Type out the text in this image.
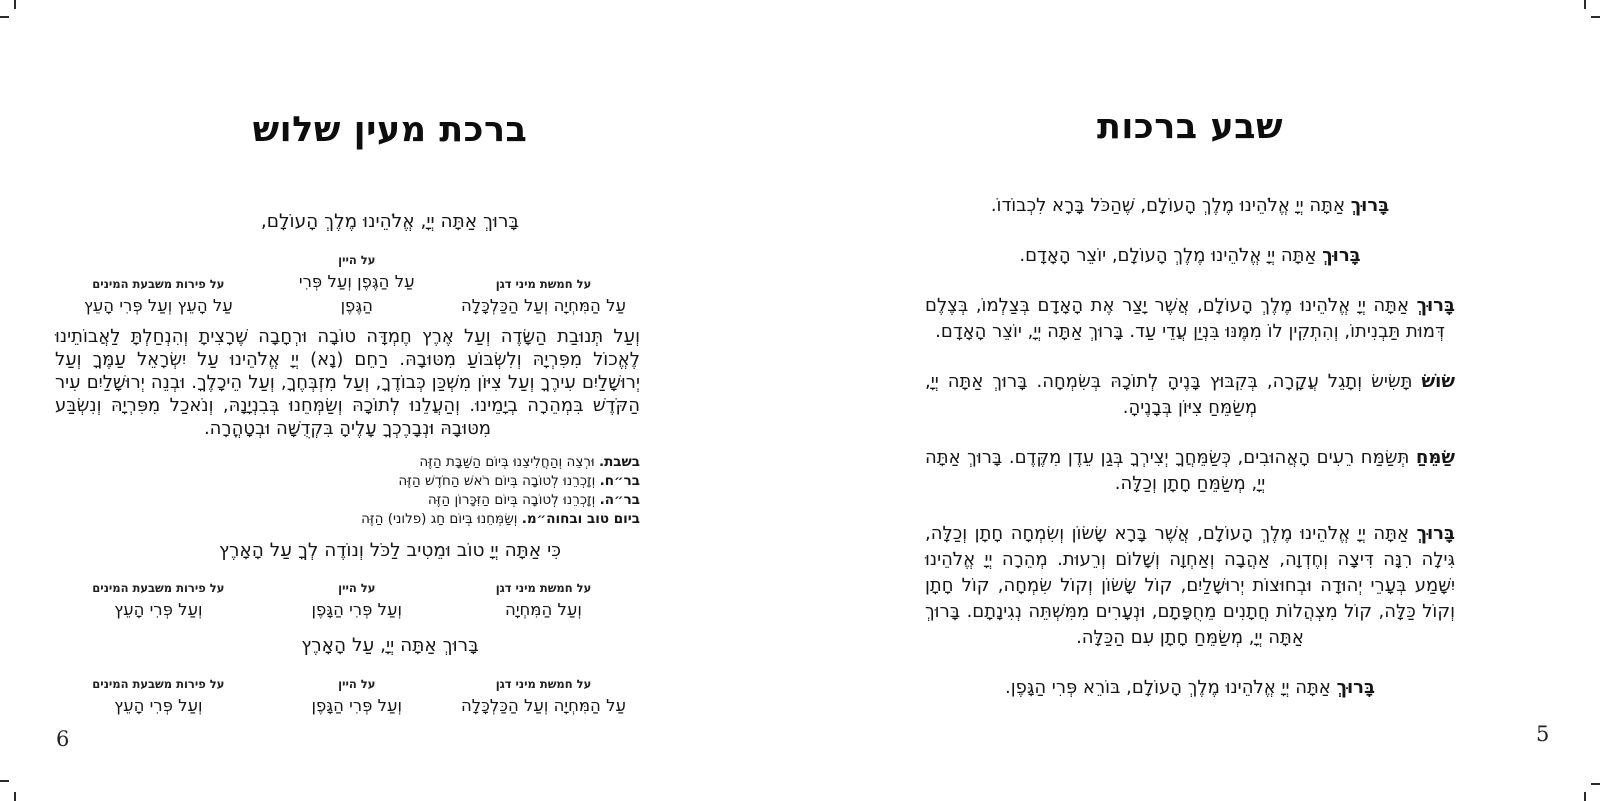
ברכת מעין שלוש

בָּרוּךְ אַתָּה יְיָ, אֱלֹהֵינוּ מֶלֶךְ הָעוֹלָם,

על חמשת מיני דגן
עַל הַמִּחְיָה וְעַל הַכַּלְכָּלָה
על היין
עַל הַגֶּפֶן וְעַל פְּרִי הַגֶּפֶן
על פירות משבעת המינים
עַל הָעֵץ וְעַל פְּרִי הָעֵץ

וְעַל תְּנוּבַת הַשָּׂדֶה וְעַל אֶרֶץ חֶמְדָּה טוֹבָה וּרְחָבָה שֶׁרָצִיתָ וְהִנְחַלְתָּ לַאֲבוֹתֵינוּ לֶאֱכוֹל מִפִּרְיָהּ וְלִשְׂבּוֹעַ מִטּוּבָהּ. רַחֵם (נָא) יְיָ אֱלֹהֵינוּ עַל יִשְׂרָאֵל עַמֶּךָ וְעַל יְרוּשָׁלַיִם עִירֶךָ וְעַל צִיּוֹן מִשְׁכַּן כְּבוֹדֶךָ, וְעַל מִזְבְּחֶךָ, וְעַל הֵיכָלֶךָ. וּבְנֵה יְרוּשָׁלַיִם עִיר הַקֹּדֶשׁ בִּמְהֵרָה בְיָמֵינוּ. וְהַעֲלֵנוּ לְתוֹכָהּ וְשַׂמְּחֵנוּ בְּבִנְיָנָהּ, וְנֹאכַל מִפִּרְיָהּ וְנִשְׂבַּע מִטּוּבָהּ וּנְבָרֶכְךָ עָלֶיהָ בִּקְדֻשָּׁה וּבְטָהֳרָה.

בשבת. וּרְצֵה וְהַחֲלִיצֵנוּ בְּיוֹם הַשַּׁבָּת הַזֶּה
בר״ח. וְזָכְרֵנוּ לְטוֹבָה בְּיוֹם רֹאשׁ הַחֹדֶשׁ הַזֶּה
בר״ה. וְזָכְרֵנוּ לְטוֹבָה בְּיוֹם הַזִּכָּרוֹן הַזֶּה
ביום טוב ובחוה״מ. וְשַׂמְּחֵנוּ בְּיוֹם חַג (פלוני) הַזֶּה

כִּי אַתָּה יְיָ טוֹב וּמֵטִיב לַכֹּל וְנוֹדֶה לְךָ עַל הָאָרֶץ

על חמשת מיני דגן
וְעַל הַמִּחְיָה
על היין
וְעַל פְּרִי הַגָּפֶן
על פירות משבעת המינים
וְעַל פְּרִי הָעֵץ

בָּרוּךְ אַתָּה יְיָ, עַל הָאָרֶץ

על חמשת מיני דגן
עַל הַמִּחְיָה וְעַל הַכַּלְכָּלָה
על היין
וְעַל פְּרִי הַגָּפֶן
על פירות משבעת המינים
וְעַל פְּרִי הָעֵץ
שבע ברכות

בָּרוּךְ אַתָּה יְיָ אֱלֹהֵינוּ מֶלֶךְ הָעוֹלָם, שֶׁהַכֹּל בָּרָא לִכְבוֹדוֹ.

בָּרוּךְ אַתָּה יְיָ אֱלֹהֵינוּ מֶלֶךְ הָעוֹלָם, יוֹצֵר הָאָדָם.

בָּרוּךְ אַתָּה יְיָ אֱלֹהֵינוּ מֶלֶךְ הָעוֹלָם, אֲשֶׁר יָצַר אֶת הָאָדָם בְּצַלְמוֹ, בְּצֶלֶם דְּמוּת תַּבְנִיתוֹ, וְהִתְקִין לוֹ מִמֶּנּוּ בִּנְיַן עֲדֵי עַד. בָּרוּךְ אַתָּה יְיָ, יוֹצֵר הָאָדָם.

שׂוֹשׂ תָּשִׂישׂ וְתָגֵל עֲקָרָה, בְּקִבּוּץ בָּנֶיהָ לְתוֹכָהּ בְּשִׂמְחָה. בָּרוּךְ אַתָּה יְיָ, מְשַׂמֵּחַ צִיּוֹן בְּבָנֶיהָ.

שַׂמֵּחַ תְּשַׂמַּח רֵעִים הָאֲהוּבִים, כְּשַׂמֵּחֲךָ יְצִירְךָ בְּגַן עֵדֶן מִקֶּדֶם. בָּרוּךְ אַתָּה יְיָ, מְשַׂמֵּחַ חָתָן וְכַלָּה.

בָּרוּךְ אַתָּה יְיָ אֱלֹהֵינוּ מֶלֶךְ הָעוֹלָם, אֲשֶׁר בָּרָא שָׂשׂוֹן וְשִׂמְחָה חָתָן וְכַלָּה, גִּילָה רִנָּה דִּיצָה וְחֶדְוָה, אַהֲבָה וְאַחְוָה וְשָׁלוֹם וְרֵעוּת. מְהֵרָה יְיָ אֱלֹהֵינוּ יִשָּׁמַע בְּעָרֵי יְהוּדָה וּבְחוּצוֹת יְרוּשָׁלַיִם, קוֹל שָׂשׂוֹן וְקוֹל שִׂמְחָה, קוֹל חָתָן וְקוֹל כַּלָּה, קוֹל מִצְהֲלוֹת חֲתָנִים מֵחֻפָּתָם, וּנְעָרִים מִמִּשְׁתֵּה נְגִינָתָם. בָּרוּךְ אַתָּה יְיָ, מְשַׂמֵּחַ חָתָן עִם הַכַּלָּה.

בָּרוּךְ אַתָּה יְיָ אֱלֹהֵינוּ מֶלֶךְ הָעוֹלָם, בּוֹרֵא פְּרִי הַגָּפֶן.

6	5
